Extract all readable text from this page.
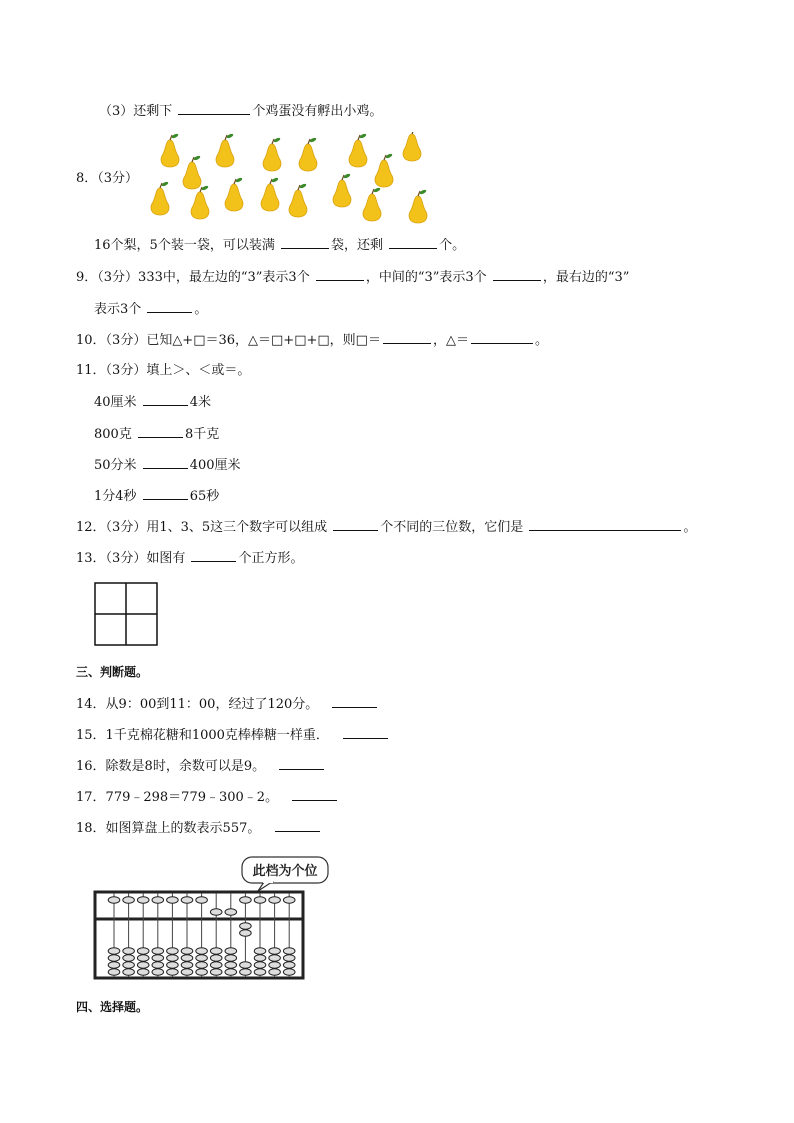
（3）还剩下	个鸡蛋没有孵出小鸡。
8．（3分）
16个梨，5个装一袋，可以装满	袋，还剩	个。
9．（3分）333中，最左边的“3”表示3个	，中间的“3”表示3个	，最右边的“3”
表示3个	。
10．（3分）已知△+□＝36，△＝□+□+□，则□＝	，△＝	。
11．（3分）填上＞、＜或＝。
40厘米	4米
800克	8千克
50分米	400厘米
1分4秒	65秒
12．（3分）用1、3、5这三个数字可以组成	个不同的三位数，它们是	。
13．（3分）如图有	个正方形。
三、判断题。
14．从9：00到11：00，经过了120分。
15．1千克棉花糖和1000克棒棒糖一样重．
16．除数是8时，余数可以是9。
17．779﹣298＝779﹣300﹣2。
18．如图算盘上的数表示557。
此档为个位
四、选择题。
